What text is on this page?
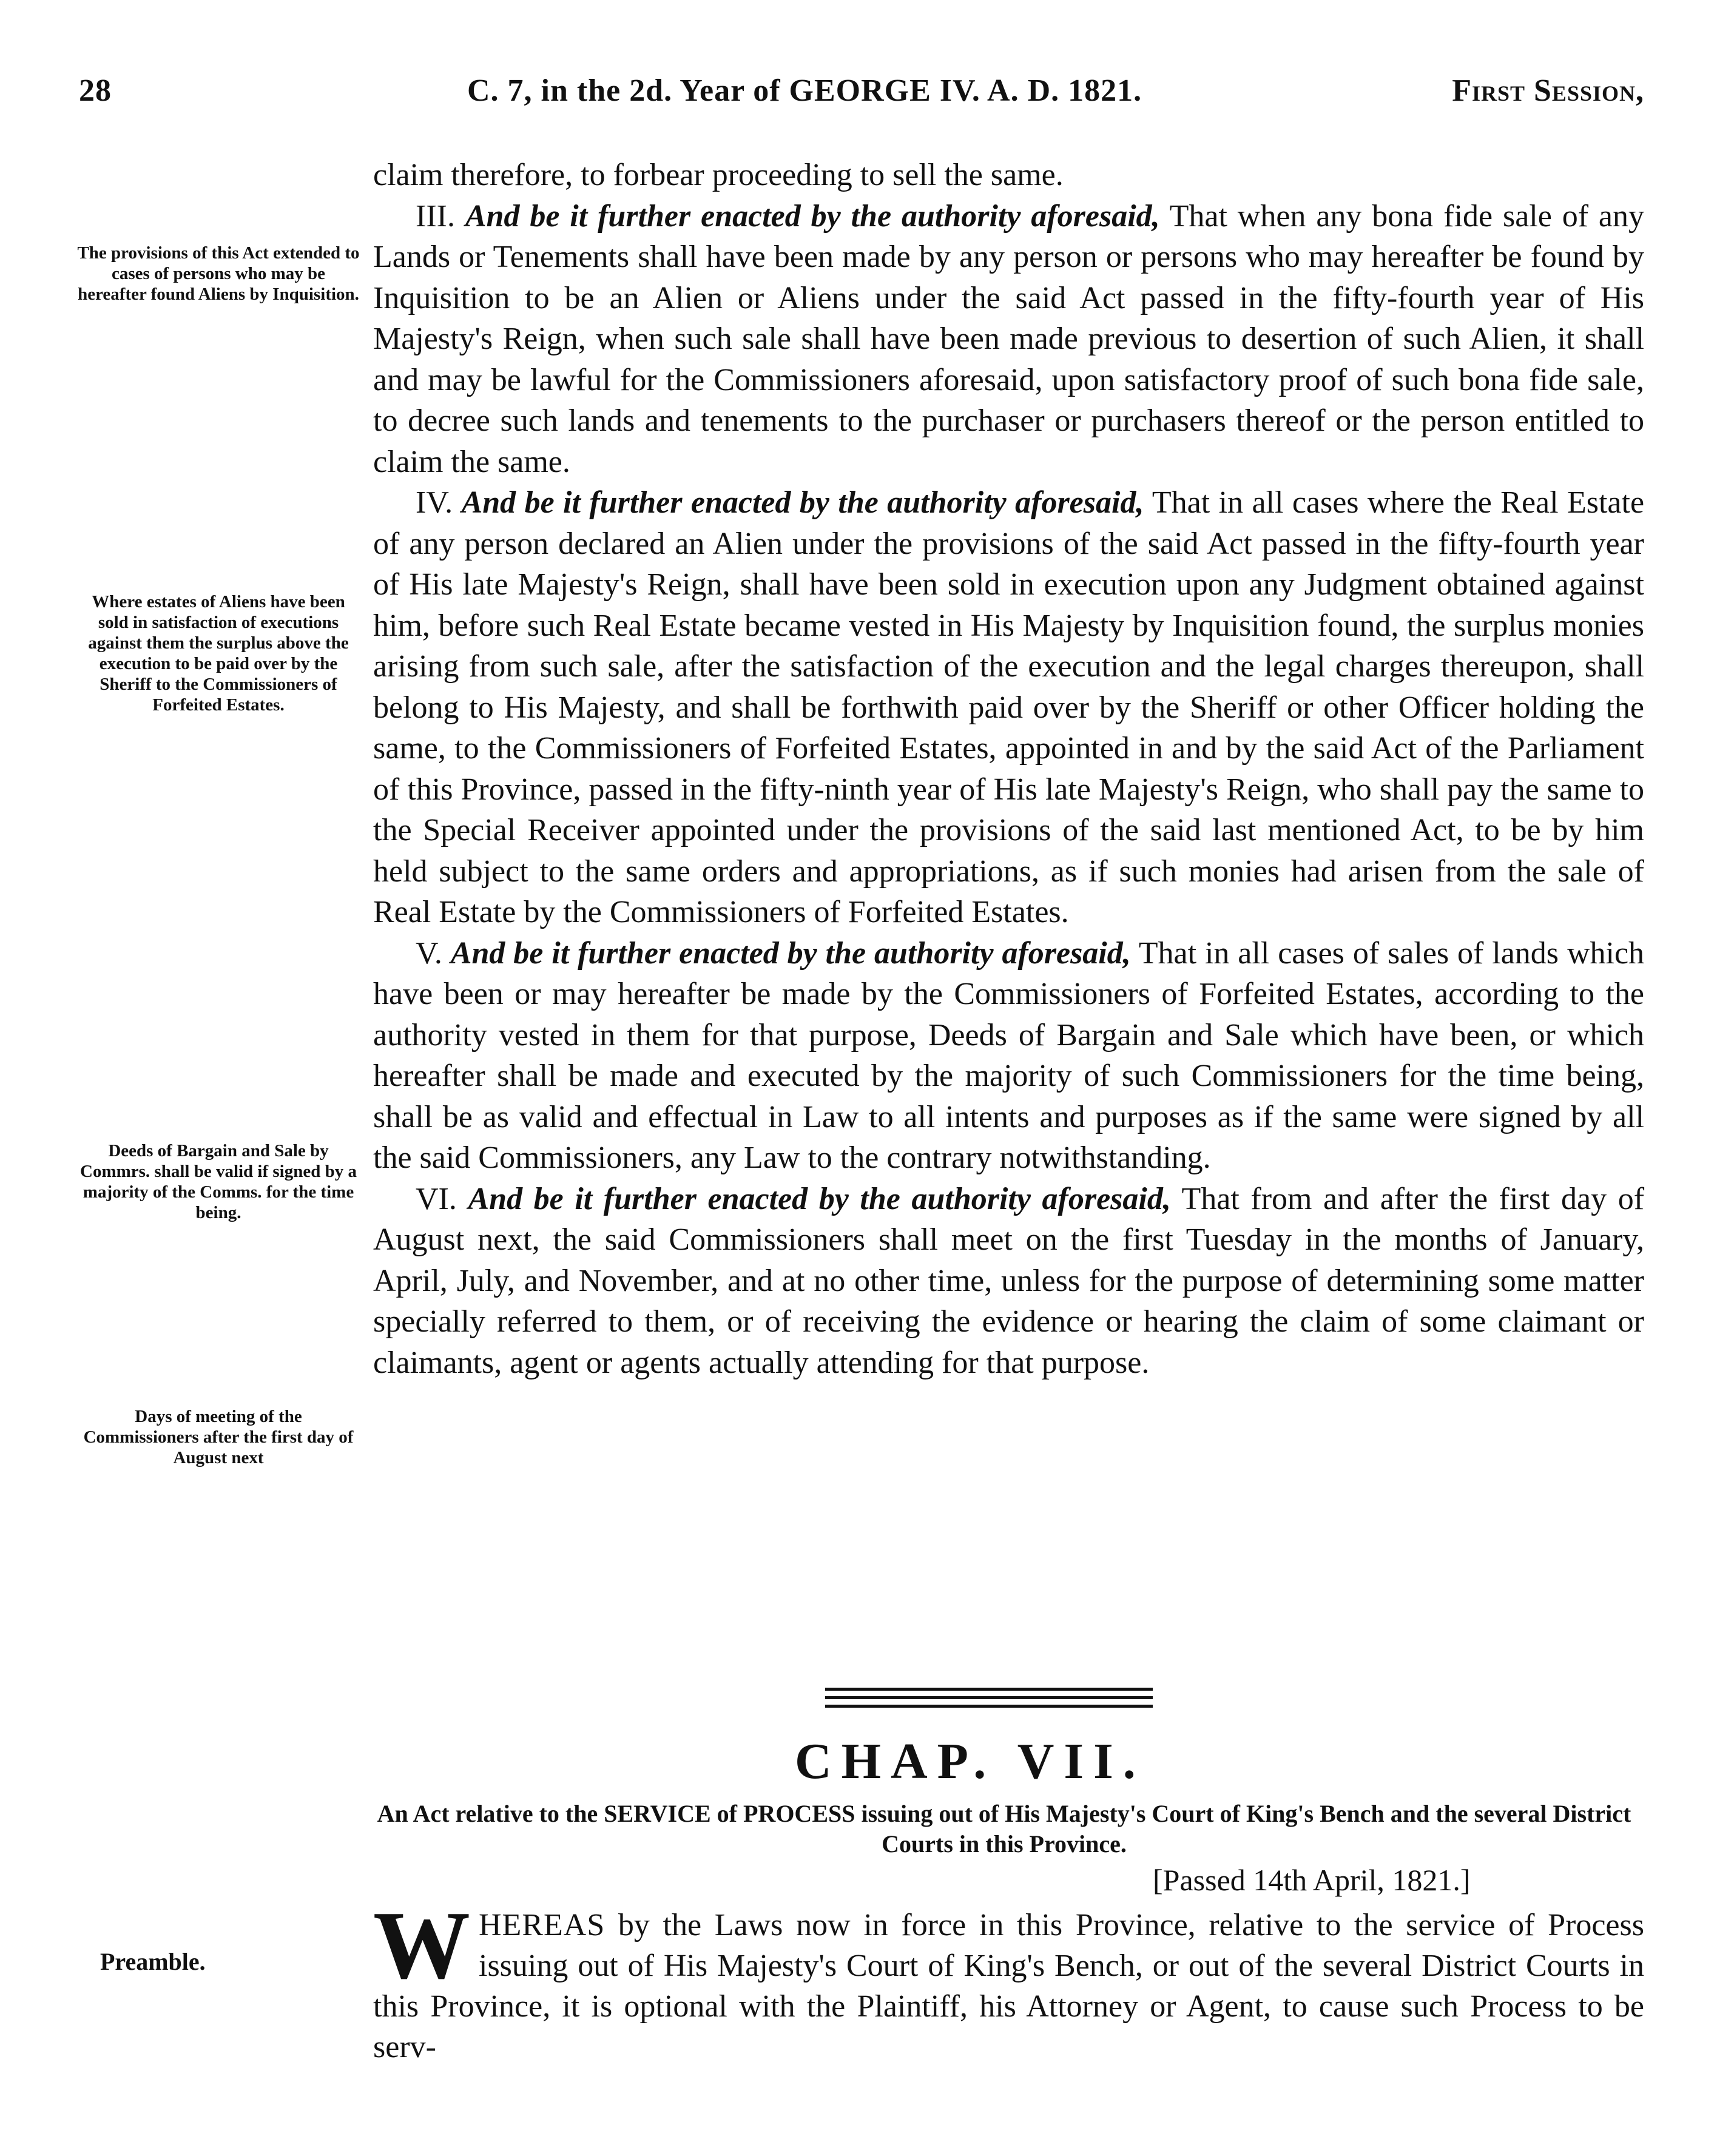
28	C. 7, in the 2d. Year of GEORGE IV. A. D. 1821.	First Session,

claim therefore, to forbear proceeding to sell the same.

III. And be it further enacted by the authority aforesaid, That when any bona fide sale of any Lands or Tenements shall have been made by any person or persons who may hereafter be found by Inquisition to be an Alien or Aliens under the said Act passed in the fifty-fourth year of His Majesty's Reign, when such sale shall have been made previous to desertion of such Alien, it shall and may be lawful for the Commissioners aforesaid, upon satisfactory proof of such bona fide sale, to decree such lands and tenements to the purchaser or purchasers thereof or the person entitled to claim the same.

IV. And be it further enacted by the authority aforesaid, That in all cases where the Real Estate of any person declared an Alien under the provisions of the said Act passed in the fifty-fourth year of His late Majesty's Reign, shall have been sold in execution upon any Judgment obtained against him, before such Real Estate became vested in His Majesty by Inquisition found, the surplus monies arising from such sale, after the satisfaction of the execution and the legal charges thereupon, shall belong to His Majesty, and shall be forthwith paid over by the Sheriff or other Officer holding the same, to the Commissioners of Forfeited Estates, appointed in and by the said Act of the Parliament of this Province, passed in the fifty-ninth year of His late Majesty's Reign, who shall pay the same to the Special Receiver appointed under the provisions of the said last mentioned Act, to be by him held subject to the same orders and appropriations, as if such monies had arisen from the sale of Real Estate by the Commissioners of Forfeited Estates.

V. And be it further enacted by the authority aforesaid, That in all cases of sales of lands which have been or may hereafter be made by the Commissioners of Forfeited Estates, according to the authority vested in them for that purpose, Deeds of Bargain and Sale which have been, or which hereafter shall be made and executed by the majority of such Commissioners for the time being, shall be as valid and effectual in Law to all intents and purposes as if the same were signed by all the said Commissioners, any Law to the contrary notwithstanding.

VI. And be it further enacted by the authority aforesaid, That from and after the first day of August next, the said Commissioners shall meet on the first Tuesday in the months of January, April, July, and November, and at no other time, unless for the purpose of determining some matter specially referred to them, or of receiving the evidence or hearing the claim of some claimant or claimants, agent or agents actually attending for that purpose.

The provisions of this Act extended to cases of persons who may be hereafter found Aliens by Inquisition.
Where estates of Aliens have been sold in satisfaction of executions against them the surplus above the execution to be paid over by the Sheriff to the Commissioners of Forfeited Estates.
Deeds of Bargain and Sale by Commrs. shall be valid if signed by a majority of the Comms. for the time being.
Days of meeting of the Commissioners after the first day of August next
CHAP. VII.
An Act relative to the SERVICE of PROCESS issuing out of His Majesty's Court of King's Bench and the several District Courts in this Province.
[Passed 14th April, 1821.]
Preamble. WHEREAS by the Laws now in force in this Province, relative to the service of Process issuing out of His Majesty's Court of King's Bench, or out of the several District Courts in this Province, it is optional with the Plaintiff, his Attorney or Agent, to cause such Process to be serv-
